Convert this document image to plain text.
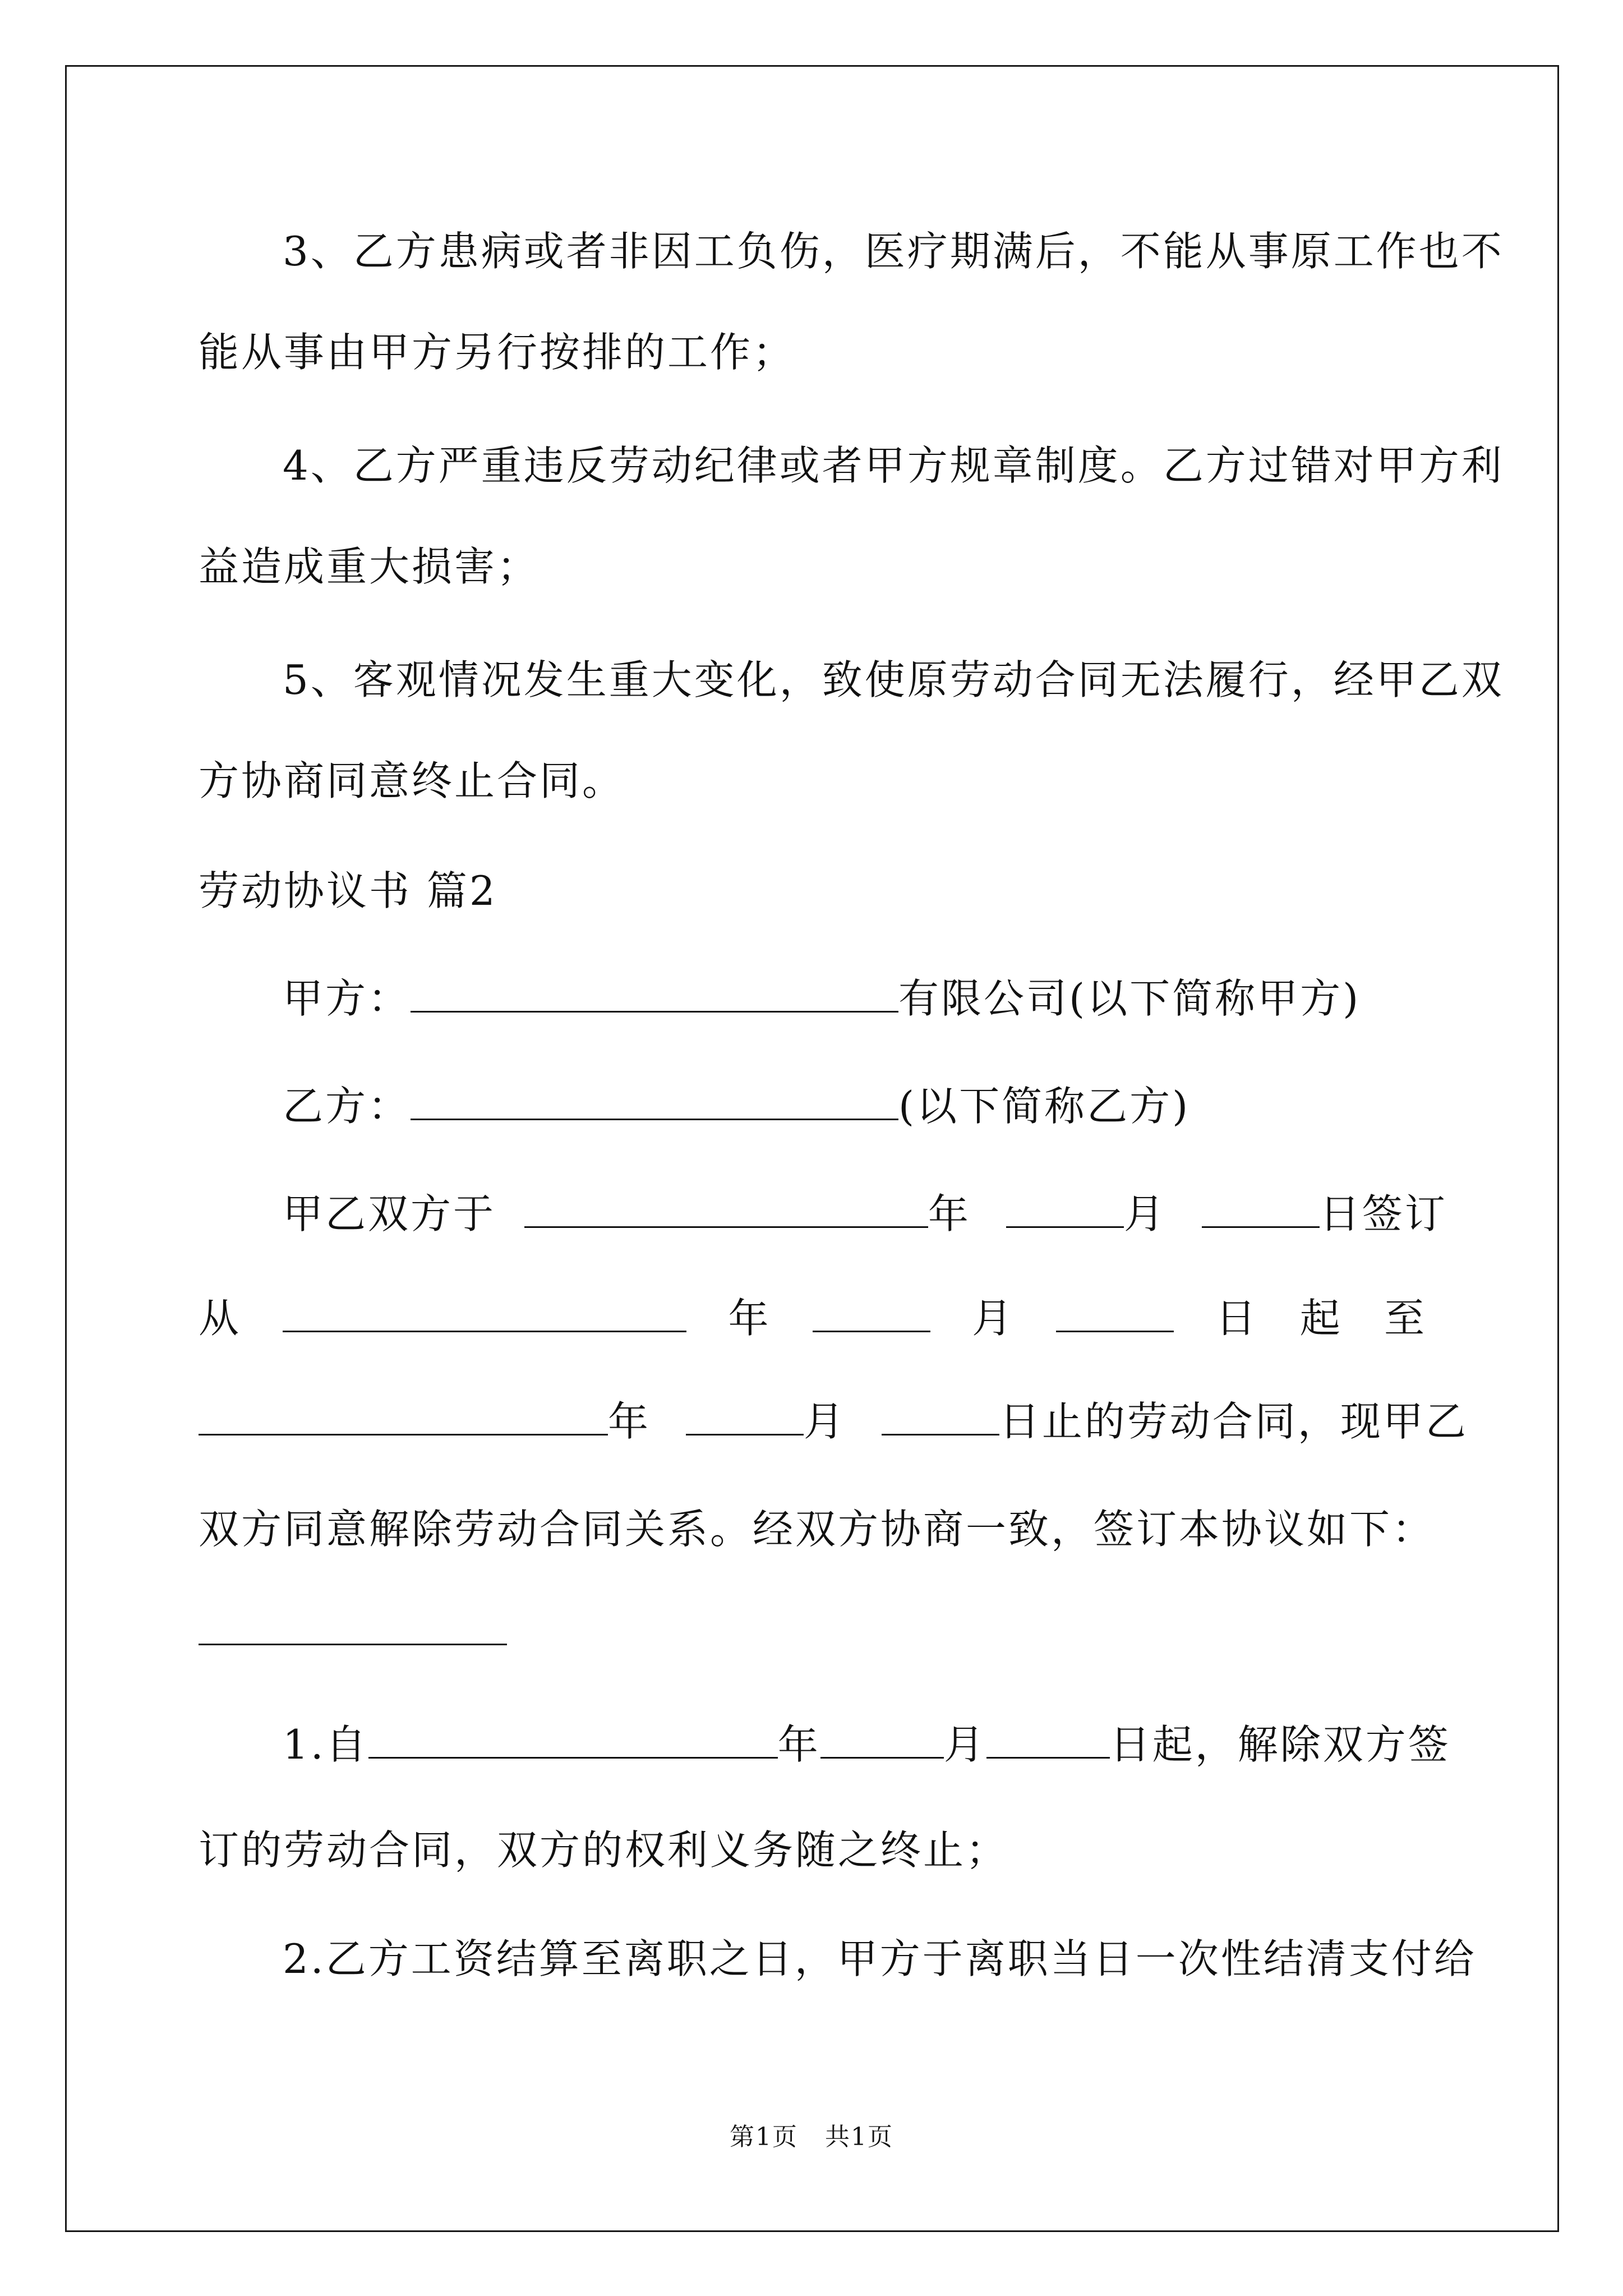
3、乙方患病或者非因工负伤，医疗期满后，不能从事原工作也不
能从事由甲方另行按排的工作；
4、乙方严重违反劳动纪律或者甲方规章制度。乙方过错对甲方利
益造成重大损害；
5、客观情况发生重大变化，致使原劳动合同无法履行，经甲乙双
方协商同意终止合同。
劳动协议书 篇2
甲方：	有限公司(以下简称甲方)
乙方：	(以下简称乙方)
甲乙双方于	年	月	日签订
从	年	月	日 起 至
年	月	日止的劳动合同，现甲乙
双方同意解除劳动合同关系。经双方协商一致，签订本协议如下：
1.自	年	月	日起，解除双方签
订的劳动合同，双方的权利义务随之终止；
2.乙方工资结算至离职之日，甲方于离职当日一次性结清支付给
第1页 共1页
